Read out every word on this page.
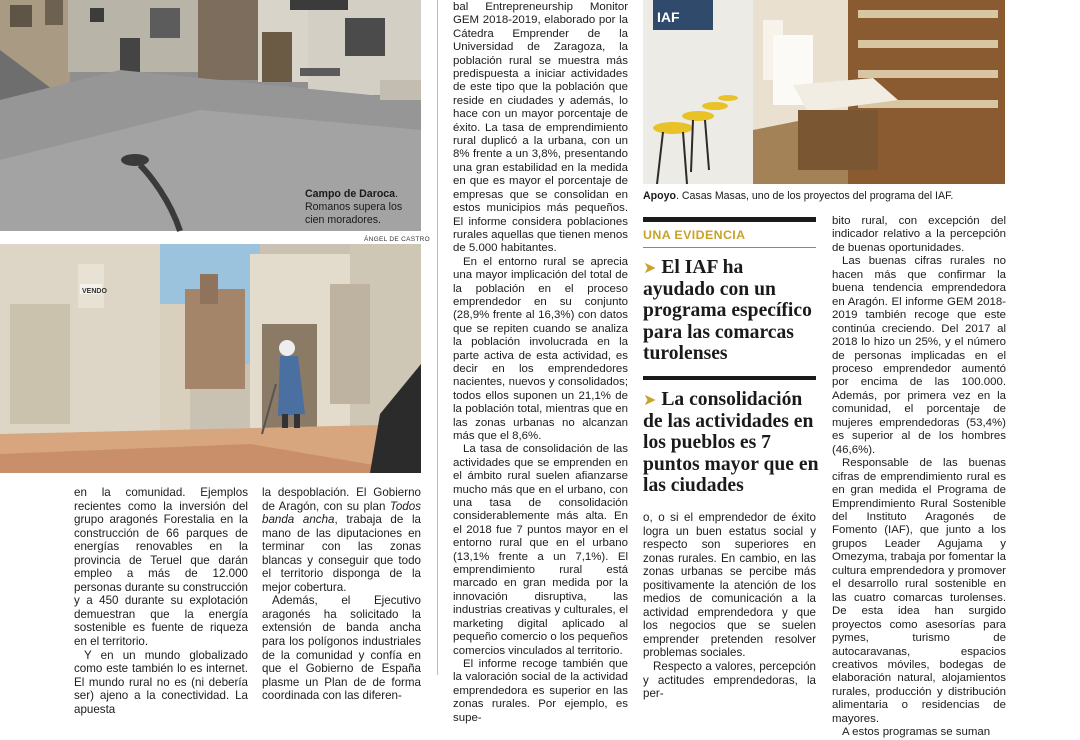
Campo de Daroca. Romanos supera los cien moradores.
ÁNGEL DE CASTRO
VENDO
IAF
Apoyo. Casas Masas, uno de los proyectos del programa del IAF.

en la comunidad. Ejemplos recientes como la inversión del grupo aragonés Forestalia en la construcción de 66 parques de energías renovables en la provincia de Teruel que darán empleo a más de 12.000 personas durante su construcción y a 450 durante su explotación demuestran que la energía sostenible es fuente de riqueza en el territorio.

Y en un mundo globalizado como este también lo es internet. El mundo rural no es (ni debería ser) ajeno a la conectividad. La apuesta

la despoblación. El Gobierno de Aragón, con su plan Todos banda ancha, trabaja de la mano de las diputaciones en terminar con las zonas blancas y conseguir que todo el territorio disponga de la mejor cobertura.

Además, el Ejecutivo aragonés ha solicitado la extensión de banda ancha para los polígonos industriales de la comunidad y confía en que el Gobierno de España plasme un Plan de de forma coordinada con las diferen-

bal Entrepreneurship Monitor GEM 2018-2019, elaborado por la Cátedra Emprender de la Universidad de Zaragoza, la población rural se muestra más predispuesta a iniciar actividades de este tipo que la población que reside en ciudades y además, lo hace con un mayor porcentaje de éxito. La tasa de emprendimiento rural duplicó a la urbana, con un 8% frente a un 3,8%, presentando una gran estabilidad en la medida en que es mayor el porcentaje de empresas que se consolidan en estos municipios más pequeños. El informe considera poblaciones rurales aquellas que tienen menos de 5.000 habitantes.

En el entorno rural se aprecia una mayor implicación del total de la población en el proceso emprendedor en su conjunto (28,9% frente al 16,3%) con datos que se repiten cuando se analiza la población involucrada en la parte activa de esta actividad, es decir en los emprendedores nacientes, nuevos y consolidados; todos ellos suponen un 21,1% de la población total, mientras que en las zonas urbanas no alcanzan más que el 8,6%.

La tasa de consolidación de las actividades que se emprenden en el ámbito rural suelen afianzarse mucho más que en el urbano, con una tasa de consolidación considerablemente más alta. En el 2018 fue 7 puntos mayor en el entorno rural que en el urbano (13,1% frente a un 7,1%). El emprendimiento rural está marcado en gran medida por la innovación disruptiva, las industrias creativas y culturales, el marketing digital aplicado al pequeño comercio o los pequeños comercios vinculados al territorio.

El informe recoge también que la valoración social de la actividad emprendedora es superior en las zonas rurales. Por ejemplo, es supe-

UNA EVIDENCIA
➤ El IAF ha ayudado con un programa específico para las comarcas turolenses
➤ La consolidación de las actividades en los pueblos es 7 puntos mayor que en las ciudades

o, o si el emprendedor de éxito logra un buen estatus social y respecto son superiores en zonas rurales. En cambio, en las zonas urbanas se percibe más positivamente la atención de los medios de comunicación a la actividad emprendedora y que los negocios que se suelen emprender pretenden resolver problemas sociales.

Respecto a valores, percepción y actitudes emprendedoras, la per-

bito rural, con excepción del indicador relativo a la percepción de buenas oportunidades.

Las buenas cifras rurales no hacen más que confirmar la buena tendencia emprendedora en Aragón. El informe GEM 2018-2019 también recoge que este continúa creciendo. Del 2017 al 2018 lo hizo un 25%, y el número de personas implicadas en el proceso emprendedor aumentó por encima de las 100.000. Además, por primera vez en la comunidad, el porcentaje de mujeres emprendedoras (53,4%) es superior al de los hombres (46,6%).

Responsable de las buenas cifras de emprendimiento rural es en gran medida el Programa de Emprendimiento Rural Sostenible del Instituto Aragonés de Fomento (IAF), que junto a los grupos Leader Agujama y Omezyma, trabaja por fomentar la cultura emprendedora y promover el desarrollo rural sostenible en las cuatro comarcas turolenses. De esta idea han surgido proyectos como asesorías para pymes, turismo de autocaravanas, espacios creativos móviles, bodegas de elaboración natural, alojamientos rurales, producción y distribución alimentaria o residencias de mayores.

A estos programas se suman
